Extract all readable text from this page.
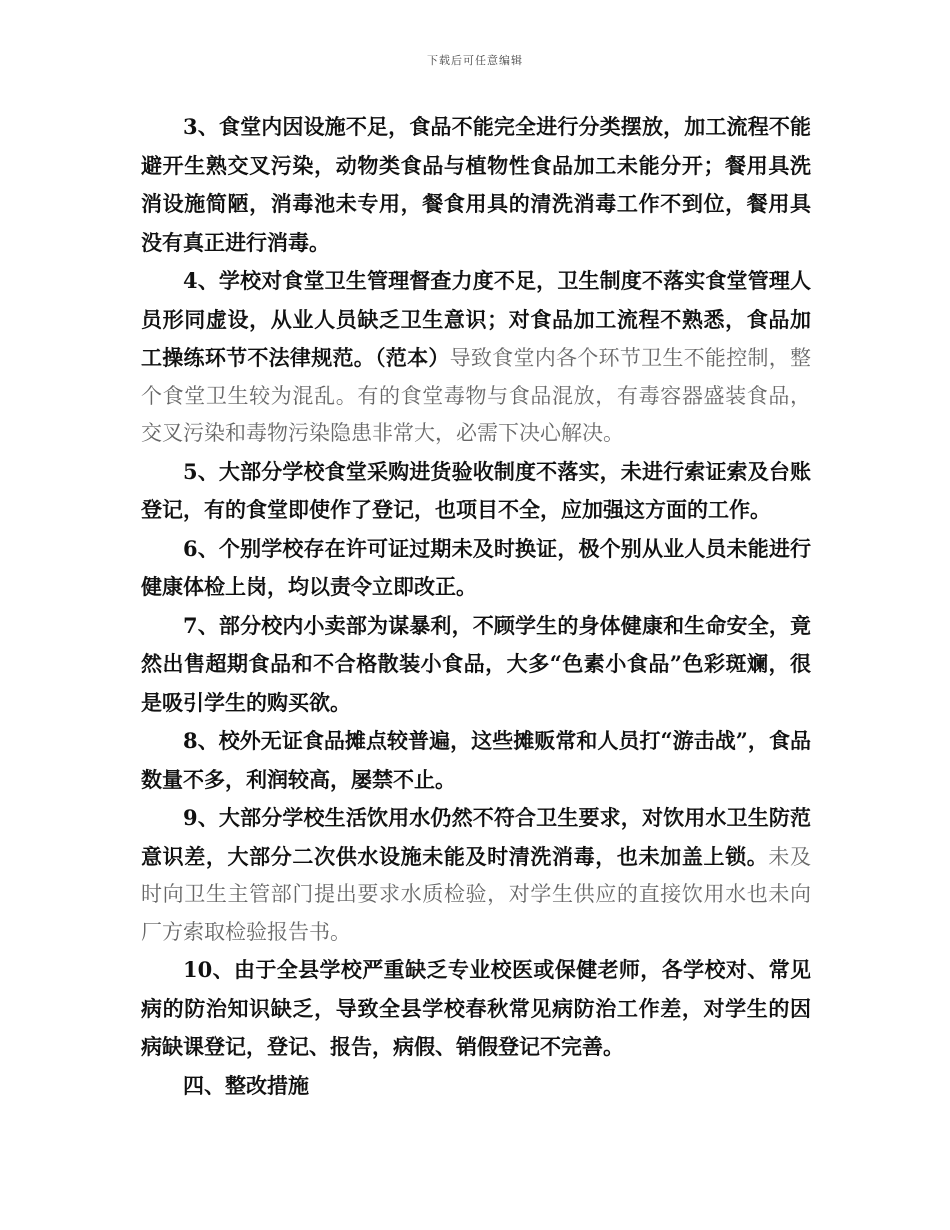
下载后可任意编辑

3、食堂内因设施不足，食品不能完全进行分类摆放，加工流程不能避开生熟交叉污染，动物类食品与植物性食品加工未能分开；餐用具洗消设施简陋，消毒池未专用，餐食用具的清洗消毒工作不到位，餐用具没有真正进行消毒。

4、学校对食堂卫生管理督查力度不足，卫生制度不落实食堂管理人员形同虚设，从业人员缺乏卫生意识；对食品加工流程不熟悉，食品加工操练环节不法律规范。（范本）导致食堂内各个环节卫生不能控制，整个食堂卫生较为混乱。有的食堂毒物与食品混放，有毒容器盛装食品，交叉污染和毒物污染隐患非常大，必需下决心解决。

5、大部分学校食堂采购进货验收制度不落实，未进行索证索及台账登记，有的食堂即使作了登记，也项目不全，应加强这方面的工作。

6、个别学校存在许可证过期未及时换证，极个别从业人员未能进行健康体检上岗，均以责令立即改正。

7、部分校内小卖部为谋暴利，不顾学生的身体健康和生命安全，竟然出售超期食品和不合格散装小食品，大多“色素小食品”色彩斑斓，很是吸引学生的购买欲。

8、校外无证食品摊点较普遍，这些摊贩常和人员打“游击战”，食品数量不多，利润较高，屡禁不止。

9、大部分学校生活饮用水仍然不符合卫生要求，对饮用水卫生防范意识差，大部分二次供水设施未能及时清洗消毒，也未加盖上锁。未及时向卫生主管部门提出要求水质检验，对学生供应的直接饮用水也未向厂方索取检验报告书。

10、由于全县学校严重缺乏专业校医或保健老师，各学校对、常见病的防治知识缺乏，导致全县学校春秋常见病防治工作差，对学生的因病缺课登记，登记、报告，病假、销假登记不完善。

四、整改措施
